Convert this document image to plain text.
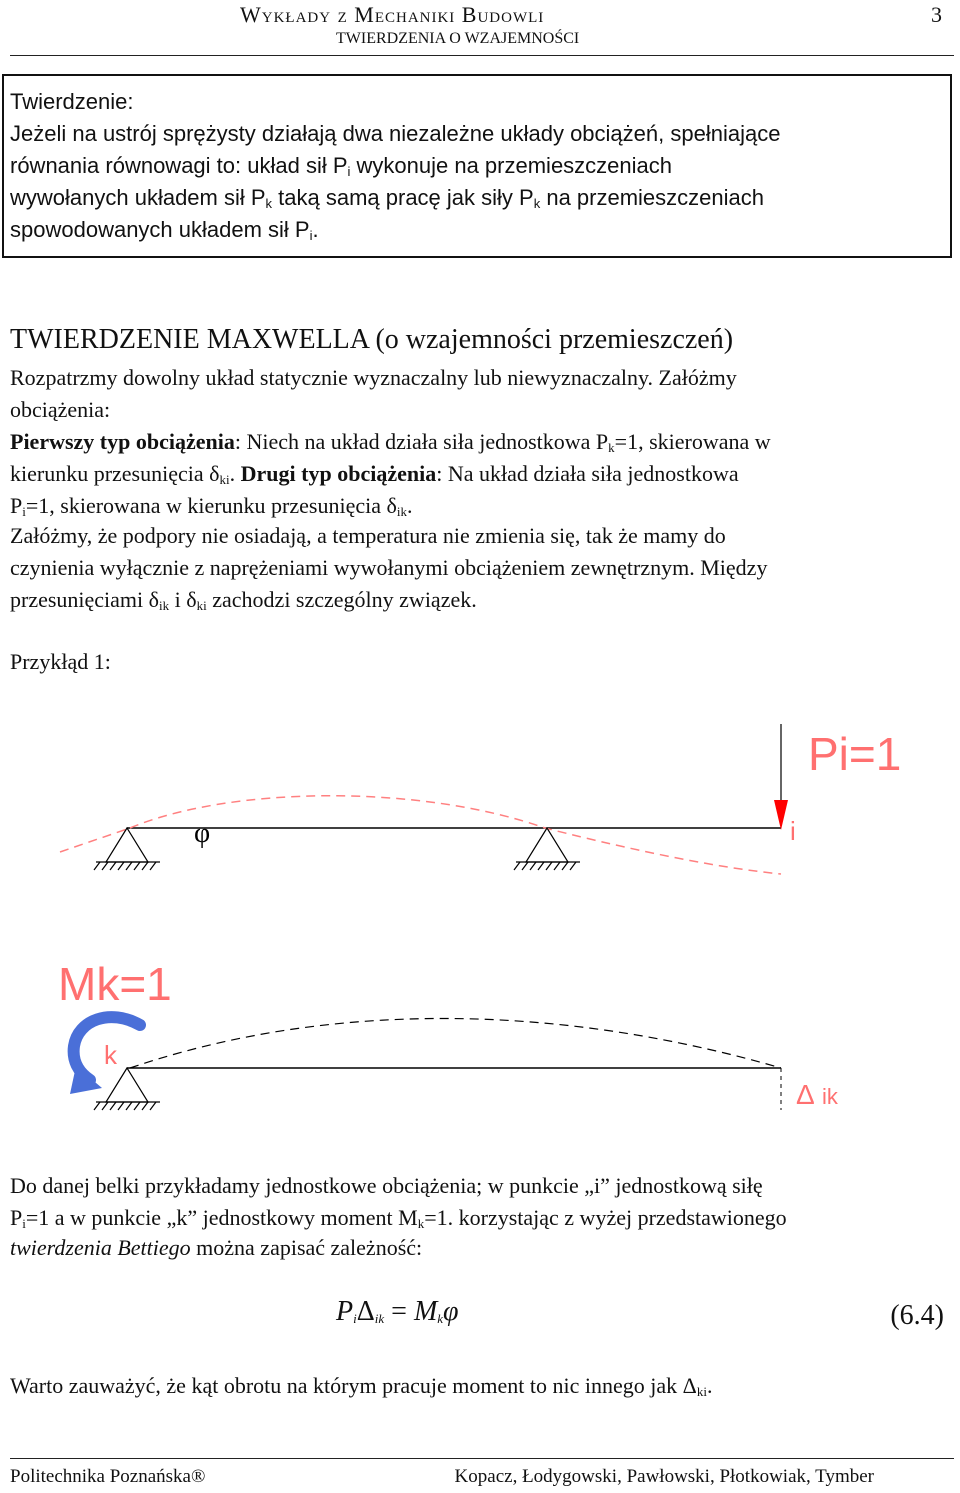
Wykłady z Mechaniki Budowli
TWIERDZENIA O WZAJEMNOŚCI
3
Twierdzenie:
Jeżeli na ustrój sprężysty działają dwa niezależne układy obciążeń, spełniające
równania równowagi to: układ sił $P_i$ wykonuje na przemieszczeniach
wywołanych układem sił $P_k$ taką samą pracę jak siły $P_k$ na przemieszczeniach
spowodowanych układem sił $P_i$.
TWIERDZENIE MAXWELLA (o wzajemności przemieszczeń)
Rozpatrzmy dowolny układ statycznie wyznaczalny lub niewyznaczalny. Załóżmy
obciążenia:
Pierwszy typ obciążenia: Niech na układ działa siła jednostkowa $P_k=1$, skierowana w
kierunku przesunięcia $\delta_{ki}$. Drugi typ obciążenia: Na układ działa siła jednostkowa
$P_i=1$, skierowana w kierunku przesunięcia $\delta_{ik}$.
Załóżmy, że podpory nie osiadają, a temperatura nie zmienia się, tak że mamy do
czynienia wyłącznie z naprężeniami wywołanymi obciążeniem zewnętrznym. Między
przesunięciami $\delta_{ik}$ i $\delta_{ki}$ zachodzi szczególny związek.
Przykłąd 1:
Pi=1
φ	i
Mk=1
k
Δ ik
Do danej belki przykładamy jednostkowe obciążenia; w punkcie „i” jednostkową siłę
$P_i=1$ a w punkcie „k” jednostkowy moment $M_k=1$. korzystając z wyżej przedstawionego
twierdzenia Bettiego można zapisać zależność:
$P_i\Delta_{ik} = M_k\varphi$	(6.4)
Warto zauważyć, że kąt obrotu na którym pracuje moment to nic innego jak $\Delta_{ki}$.
Politechnika Poznańska®	Kopacz, Łodygowski, Pawłowski, Płotkowiak, Tymber
